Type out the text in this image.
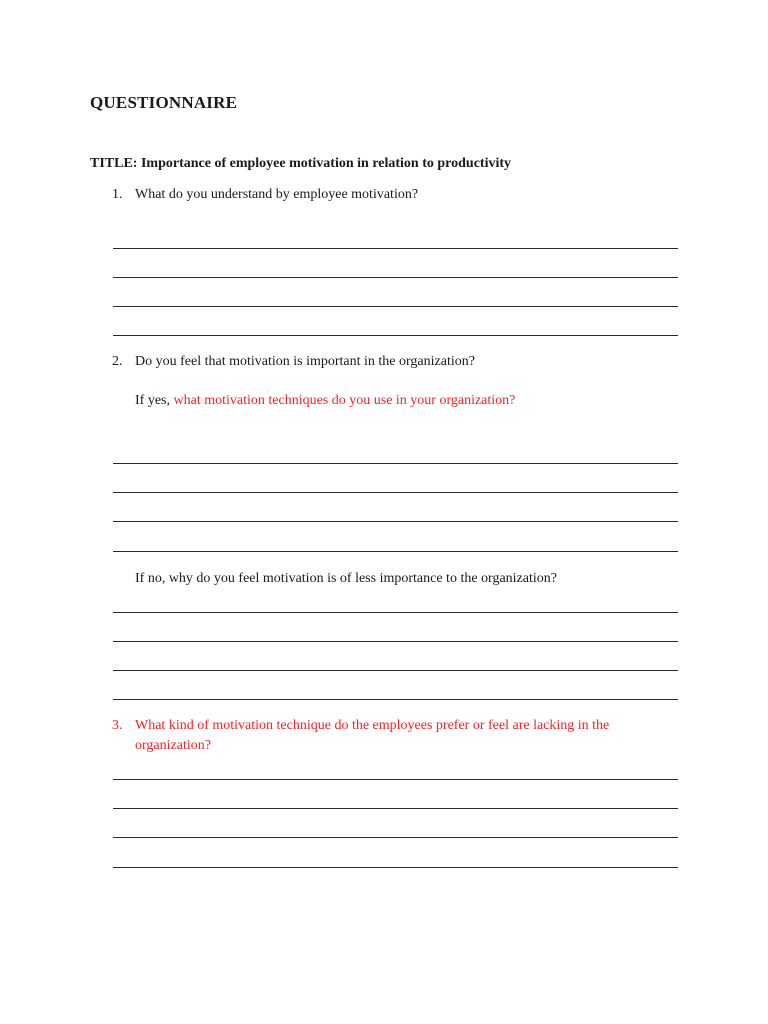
QUESTIONNAIRE
TITLE: Importance of employee motivation in relation to productivity
1. What do you understand by employee motivation?
2. Do you feel that motivation is important in the organization?
If yes, what motivation techniques do you use in your organization?
If no, why do you feel motivation is of less importance to the organization?
3. What kind of motivation technique do the employees prefer or feel are lacking in the
organization?
